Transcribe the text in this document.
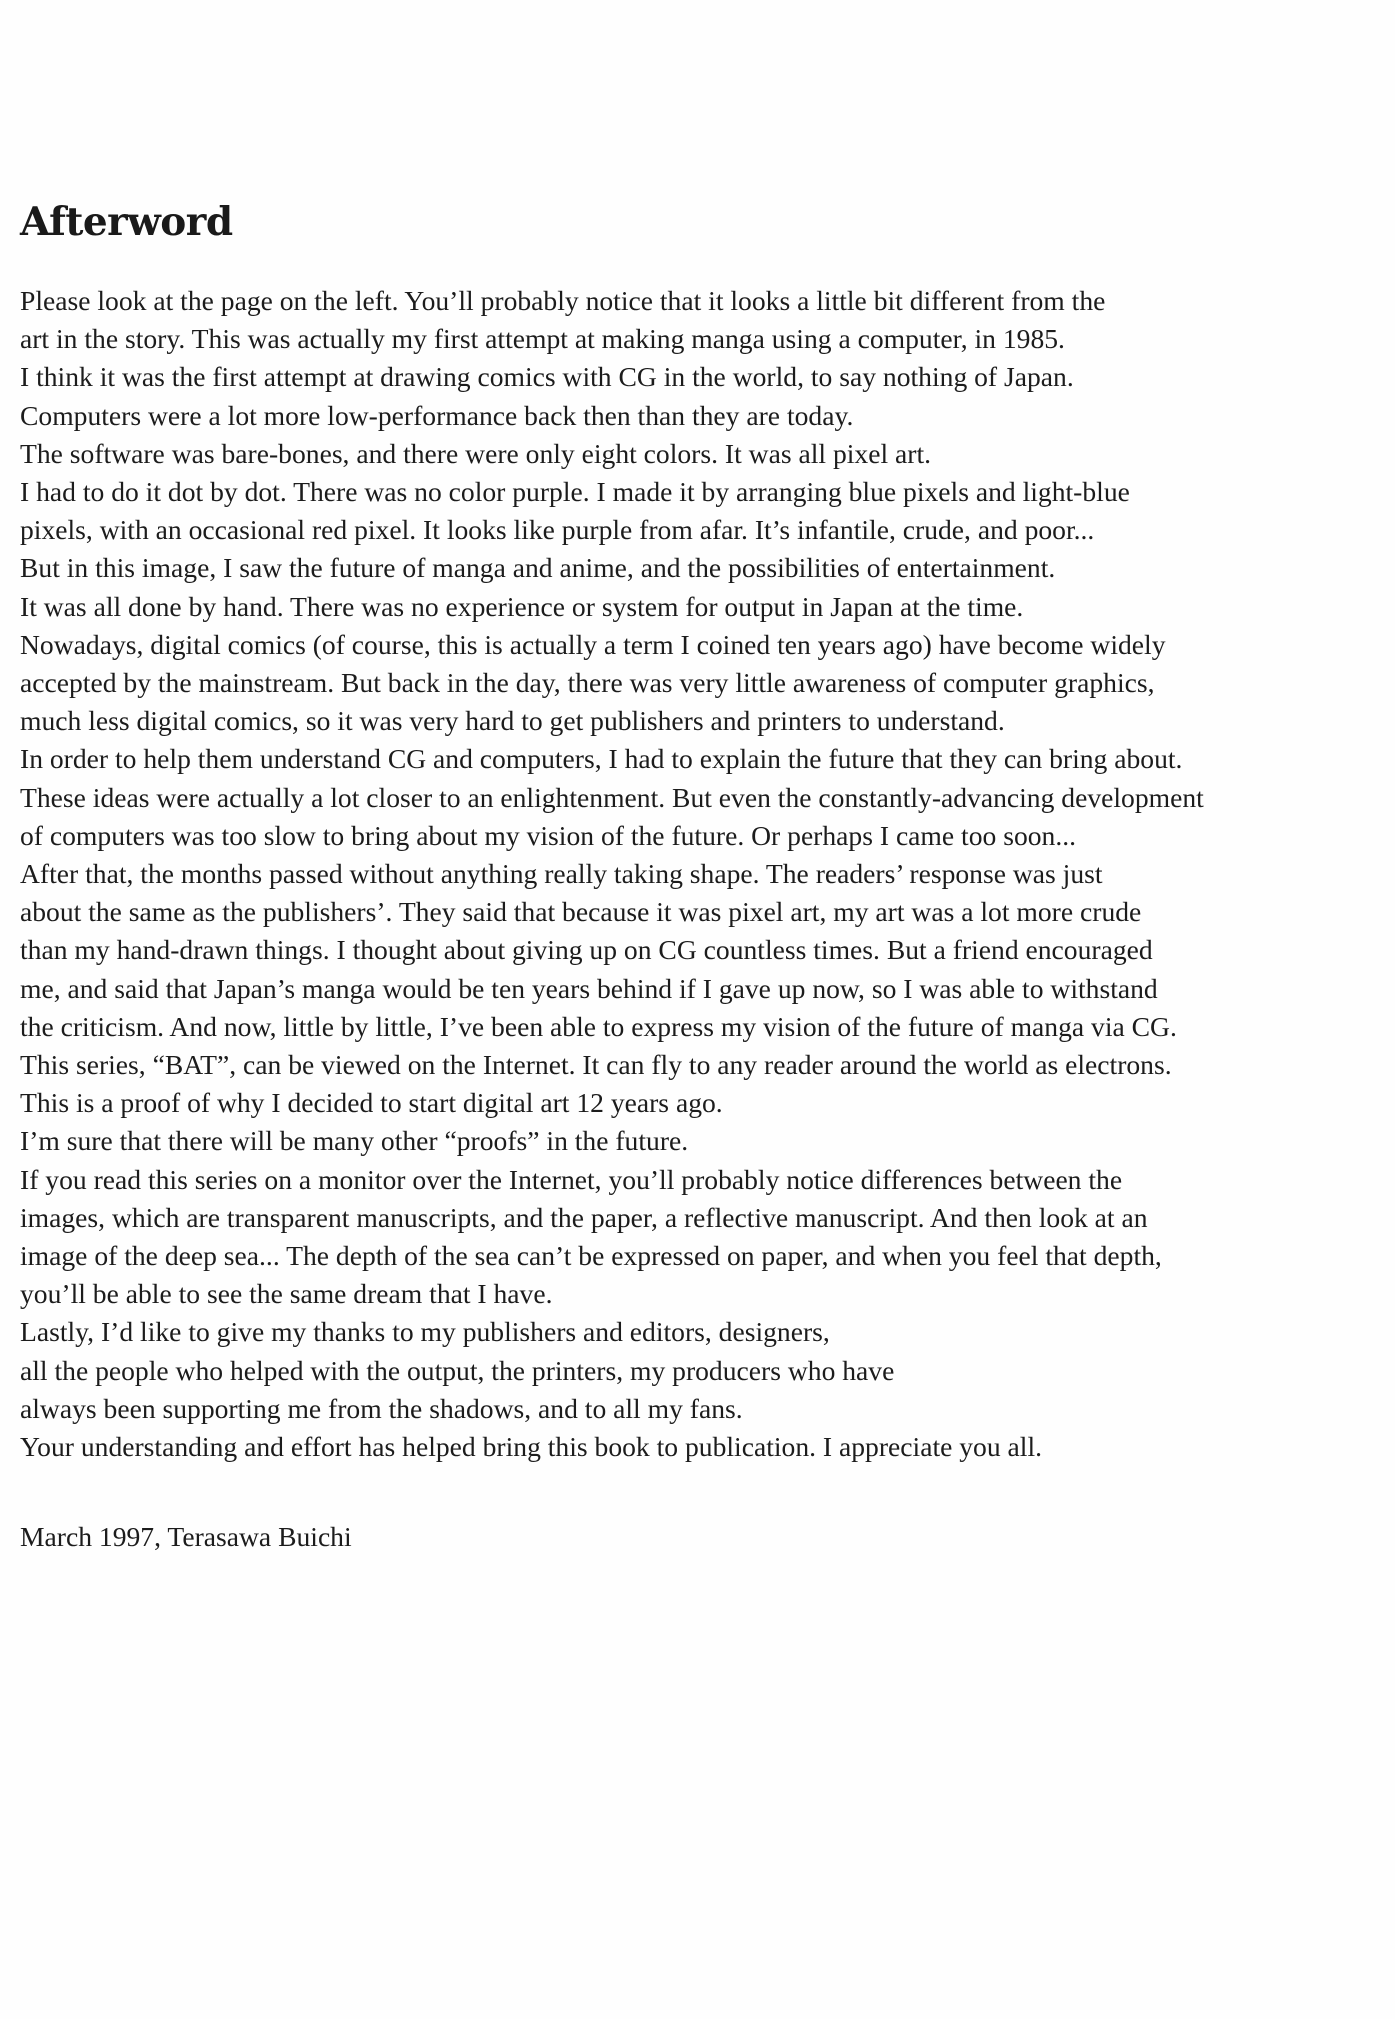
Afterword

Please look at the page on the left. You’ll probably notice that it looks a little bit different from the

art in the story. This was actually my first attempt at making manga using a computer, in 1985.

I think it was the first attempt at drawing comics with CG in the world, to say nothing of Japan.

Computers were a lot more low-performance back then than they are today.

The software was bare-bones, and there were only eight colors. It was all pixel art.

I had to do it dot by dot. There was no color purple. I made it by arranging blue pixels and light-blue

pixels, with an occasional red pixel. It looks like purple from afar. It’s infantile, crude, and poor...

But in this image, I saw the future of manga and anime, and the possibilities of entertainment.

It was all done by hand. There was no experience or system for output in Japan at the time.

Nowadays, digital comics (of course, this is actually a term I coined ten years ago) have become widely

accepted by the mainstream. But back in the day, there was very little awareness of computer graphics,

much less digital comics, so it was very hard to get publishers and printers to understand.

In order to help them understand CG and computers, I had to explain the future that they can bring about.

These ideas were actually a lot closer to an enlightenment. But even the constantly-advancing development

of computers was too slow to bring about my vision of the future. Or perhaps I came too soon...

After that, the months passed without anything really taking shape. The readers’ response was just

about the same as the publishers’. They said that because it was pixel art, my art was a lot more crude

than my hand-drawn things. I thought about giving up on CG countless times. But a friend encouraged

me, and said that Japan’s manga would be ten years behind if I gave up now, so I was able to withstand

the criticism. And now, little by little, I’ve been able to express my vision of the future of manga via CG.

This series, “BAT”, can be viewed on the Internet. It can fly to any reader around the world as electrons.

This is a proof of why I decided to start digital art 12 years ago.

I’m sure that there will be many other “proofs” in the future.

If you read this series on a monitor over the Internet, you’ll probably notice differences between the

images, which are transparent manuscripts, and the paper, a reflective manuscript. And then look at an

image of the deep sea... The depth of the sea can’t be expressed on paper, and when you feel that depth,

you’ll be able to see the same dream that I have.

Lastly, I’d like to give my thanks to my publishers and editors, designers,

all the people who helped with the output, the printers, my producers who have

always been supporting me from the shadows, and to all my fans.

Your understanding and effort has helped bring this book to publication. I appreciate you all.

March 1997, Terasawa Buichi
